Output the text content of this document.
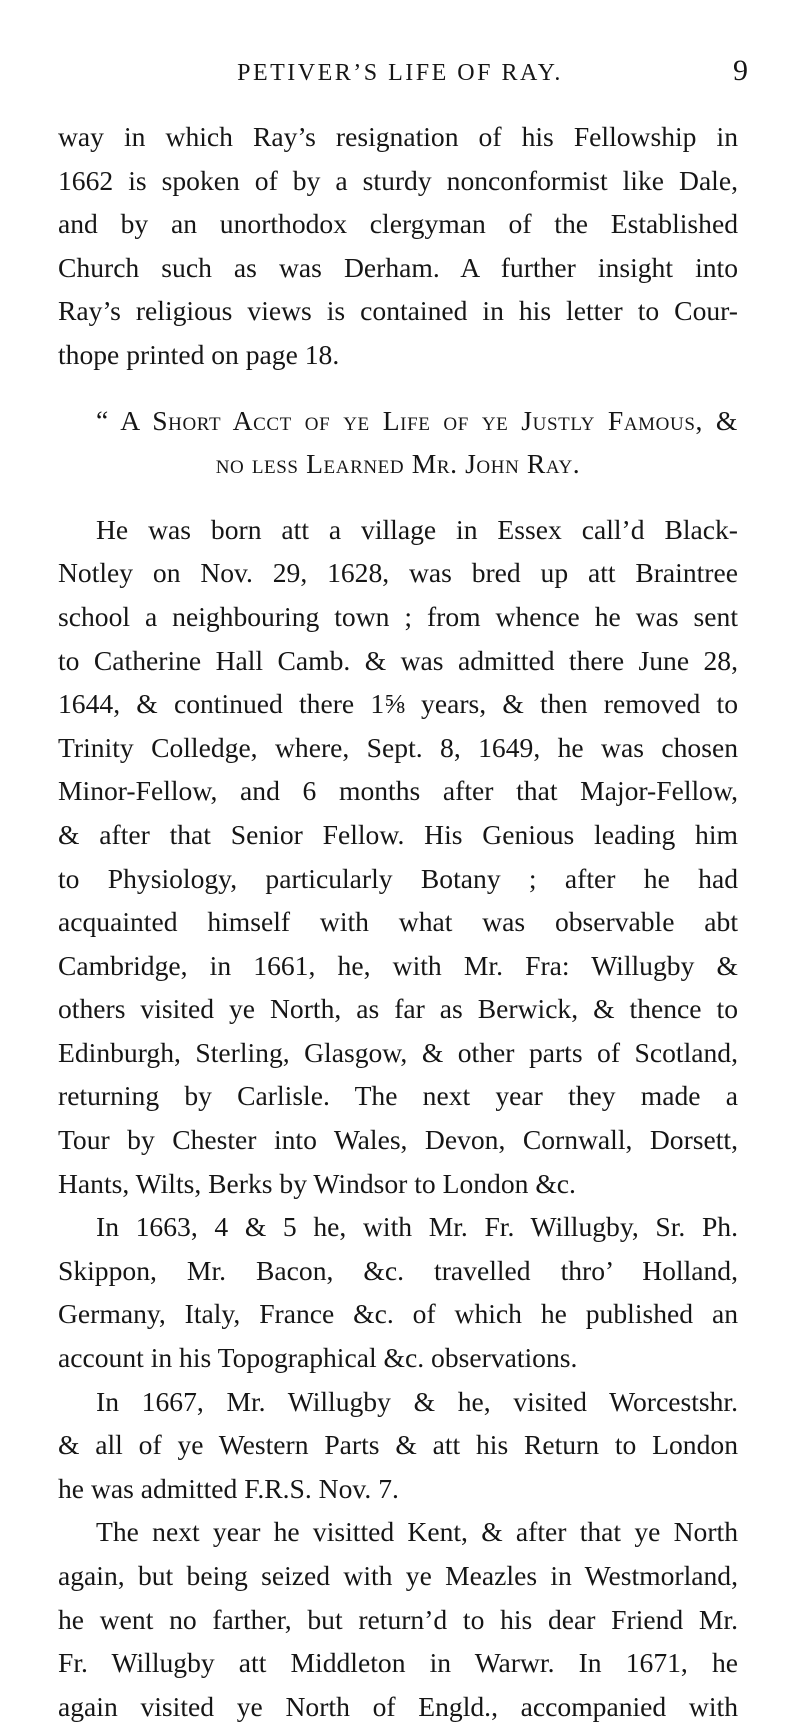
PETIVER’S LIFE OF RAY.	9
way in which Ray’s resignation of his Fellowship in
1662 is spoken of by a sturdy nonconformist like Dale,
and by an unorthodox clergyman of the Established
Church such as was Derham. A further insight into
Ray’s religious views is contained in his letter to Cour-
thope printed on page 18.
“ A Short Acct of ye Life of ye Justly Famous, &
no less Learned Mr. John Ray.
He was born att a village in Essex call’d Black-
Notley on Nov. 29, 1628, was bred up att Braintree
school a neighbouring town ; from whence he was sent
to Catherine Hall Camb. & was admitted there June 28,
1644, & continued there 1⅝ years, & then removed to
Trinity Colledge, where, Sept. 8, 1649, he was chosen
Minor-Fellow, and 6 months after that Major-Fellow,
& after that Senior Fellow. His Genious leading him
to Physiology, particularly Botany ; after he had
acquainted himself with what was observable abt
Cambridge, in 1661, he, with Mr. Fra: Willugby &
others visited ye North, as far as Berwick, & thence to
Edinburgh, Sterling, Glasgow, & other parts of Scotland,
returning by Carlisle. The next year they made a
Tour by Chester into Wales, Devon, Cornwall, Dorsett,
Hants, Wilts, Berks by Windsor to London &c.
In 1663, 4 & 5 he, with Mr. Fr. Willugby, Sr. Ph.
Skippon, Mr. Bacon, &c. travelled thro’ Holland,
Germany, Italy, France &c. of which he published an
account in his Topographical &c. observations.
In 1667, Mr. Willugby & he, visited Worcestshr.
& all of ye Western Parts & att his Return to London
he was admitted F.R.S. Nov. 7.
The next year he visitted Kent, & after that ye North
again, but being seized with ye Meazles in Westmorland,
he went no farther, but return’d to his dear Friend Mr.
Fr. Willugby att Middleton in Warwr. In 1671, he
again visited ye North of Engld., accompanied with
